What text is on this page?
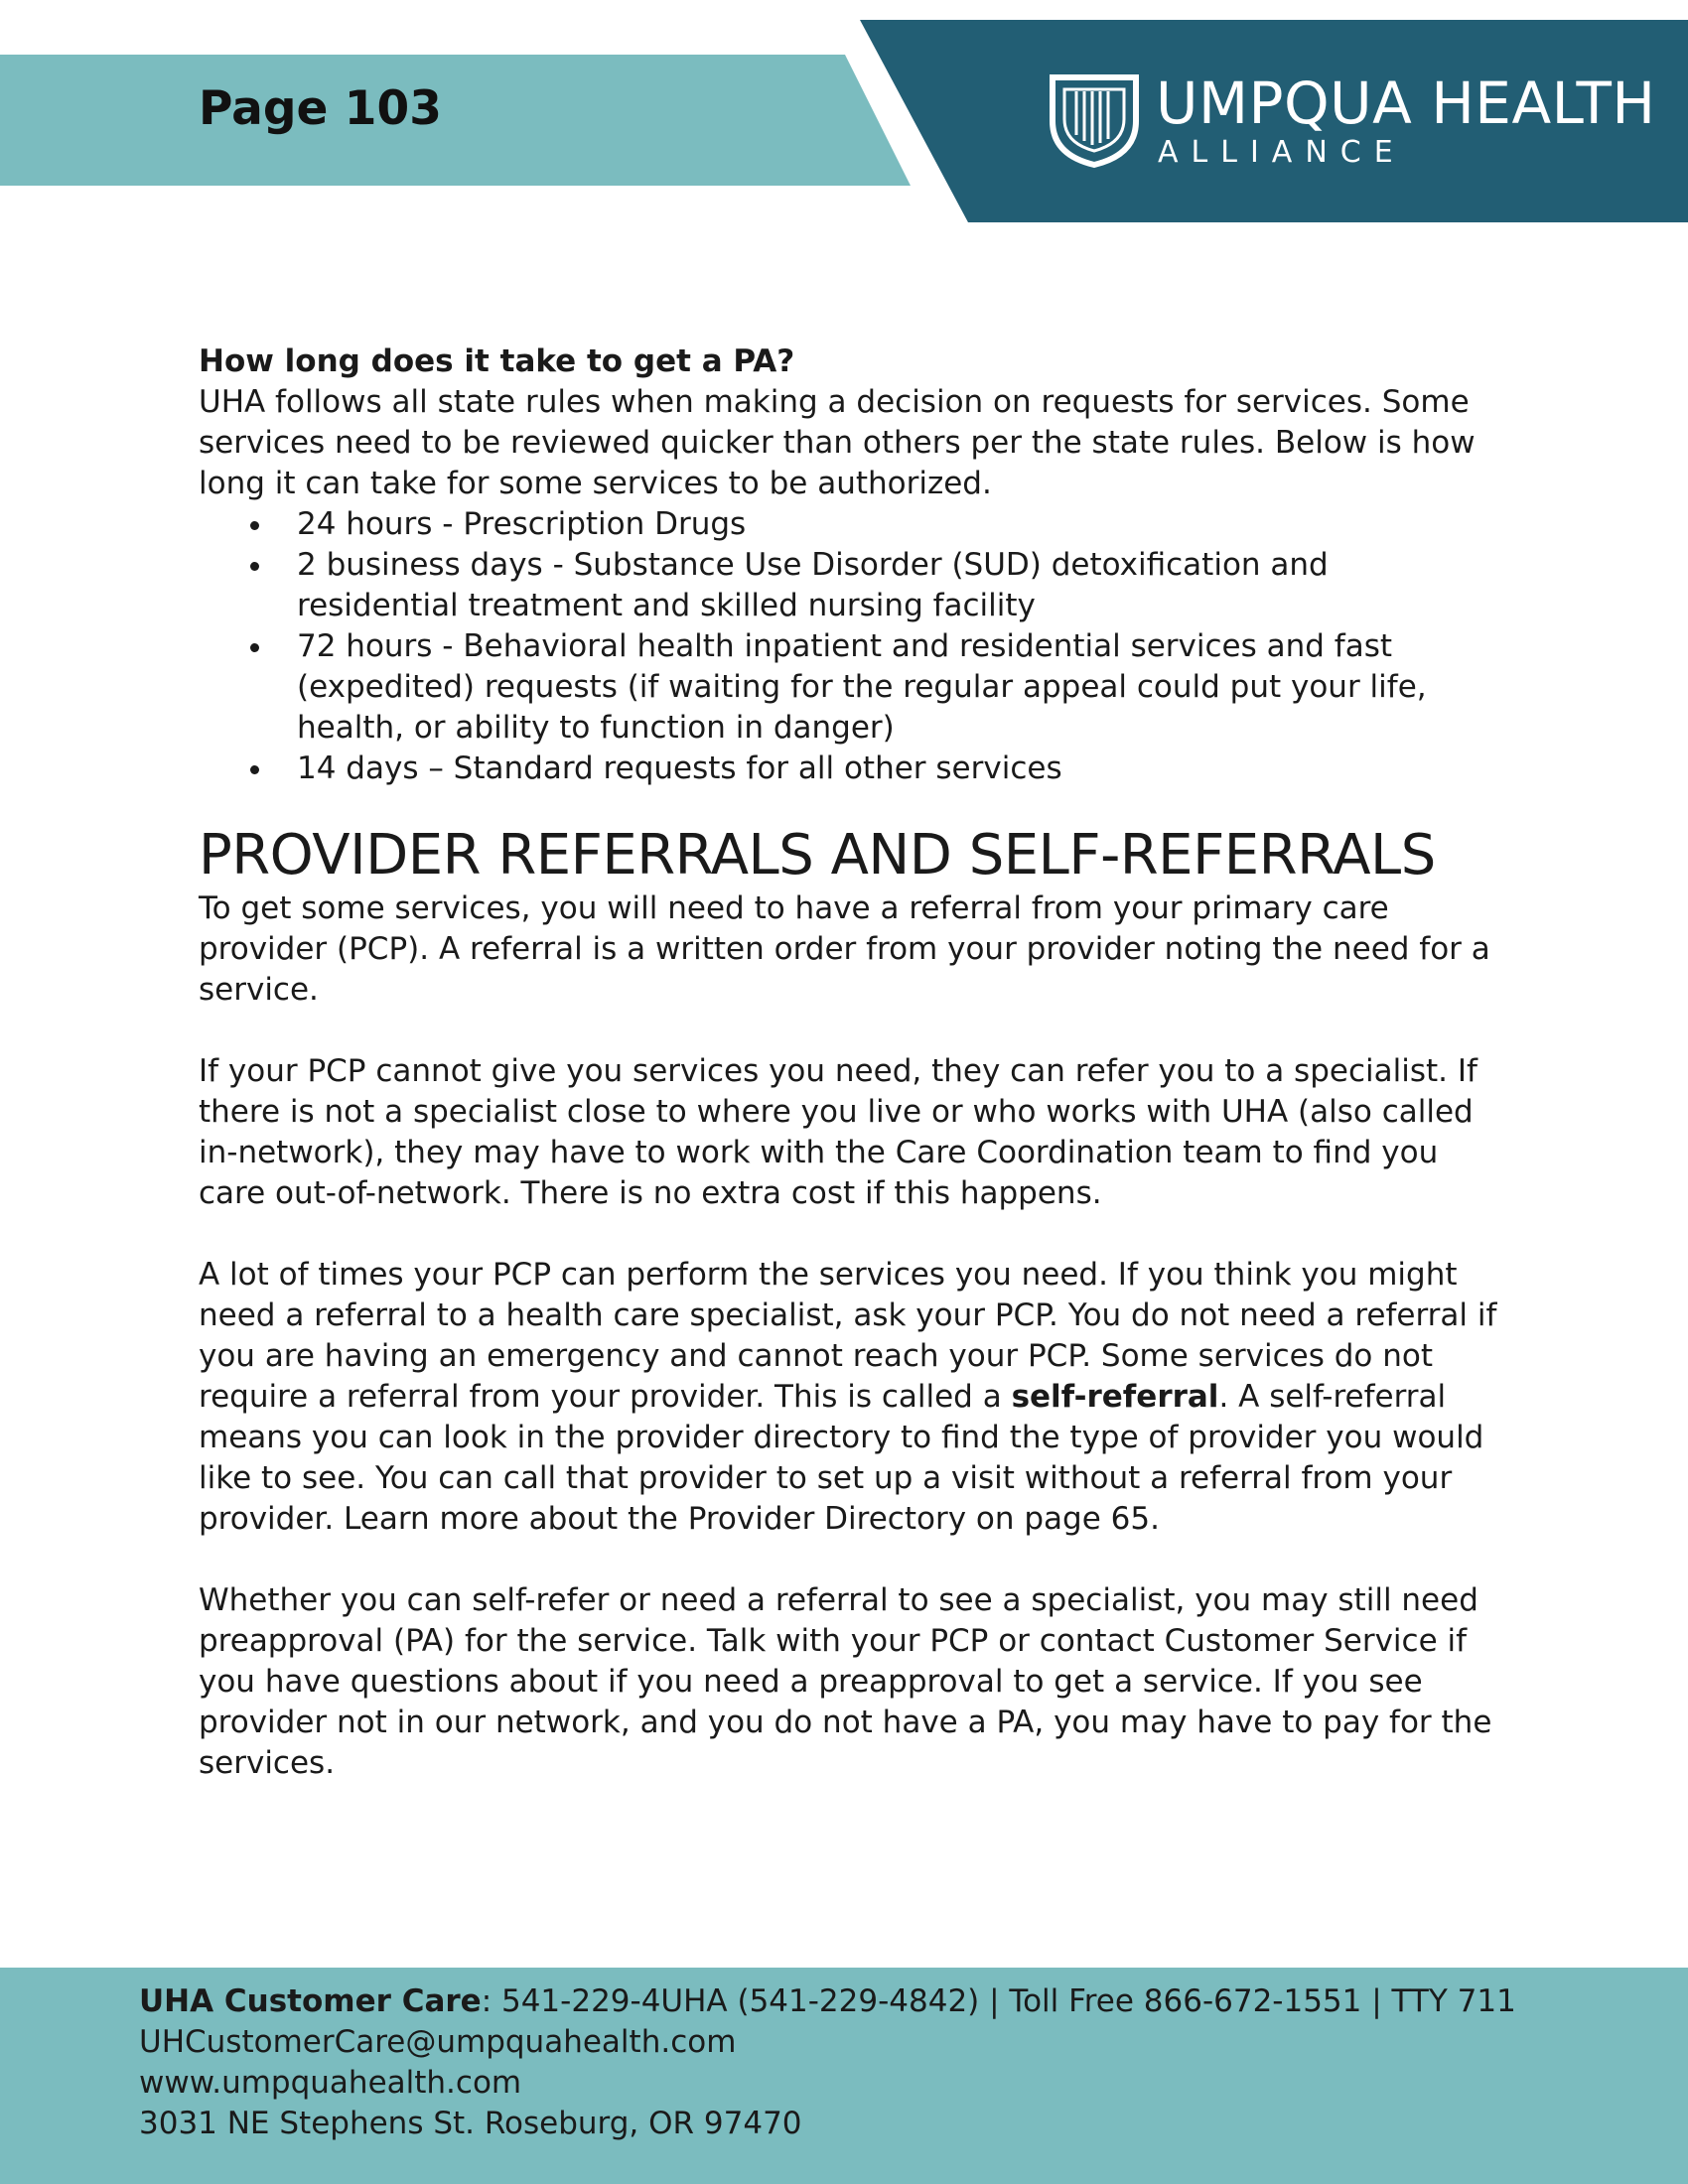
Page 103	UMPQUA HEALTH
ALLIANCE
How long does it take to get a PA?

UHA follows all state rules when making a decision on requests for services. Some services need to be reviewed quicker than others per the state rules. Below is how long it can take for some services to be authorized.

24 hours - Prescription Drugs
2 business days - Substance Use Disorder (SUD) detoxification and residential treatment and skilled nursing facility
72 hours - Behavioral health inpatient and residential services and fast (expedited) requests (if waiting for the regular appeal could put your life, health, or ability to function in danger)
14 days – Standard requests for all other services
PROVIDER REFERRALS AND SELF-REFERRALS

To get some services, you will need to have a referral from your primary care provider (PCP). A referral is a written order from your provider noting the need for a service.

If your PCP cannot give you services you need, they can refer you to a specialist. If there is not a specialist close to where you live or who works with UHA (also called in-network), they may have to work with the Care Coordination team to find you care out-of-network. There is no extra cost if this happens.

A lot of times your PCP can perform the services you need. If you think you might need a referral to a health care specialist, ask your PCP. You do not need a referral if you are having an emergency and cannot reach your PCP. Some services do not require a referral from your provider. This is called a self-referral. A self-referral means you can look in the provider directory to find the type of provider you would like to see. You can call that provider to set up a visit without a referral from your provider. Learn more about the Provider Directory on page 65.

Whether you can self-refer or need a referral to see a specialist, you may still need preapproval (PA) for the service. Talk with your PCP or contact Customer Service if you have questions about if you need a preapproval to get a service. If you see provider not in our network, and you do not have a PA, you may have to pay for the services.

UHA Customer Care: 541-229-4UHA (541-229-4842) | Toll Free 866-672-1551 | TTY 711

UHCustomerCare@umpquahealth.com

www.umpquahealth.com

3031 NE Stephens St. Roseburg, OR 97470
